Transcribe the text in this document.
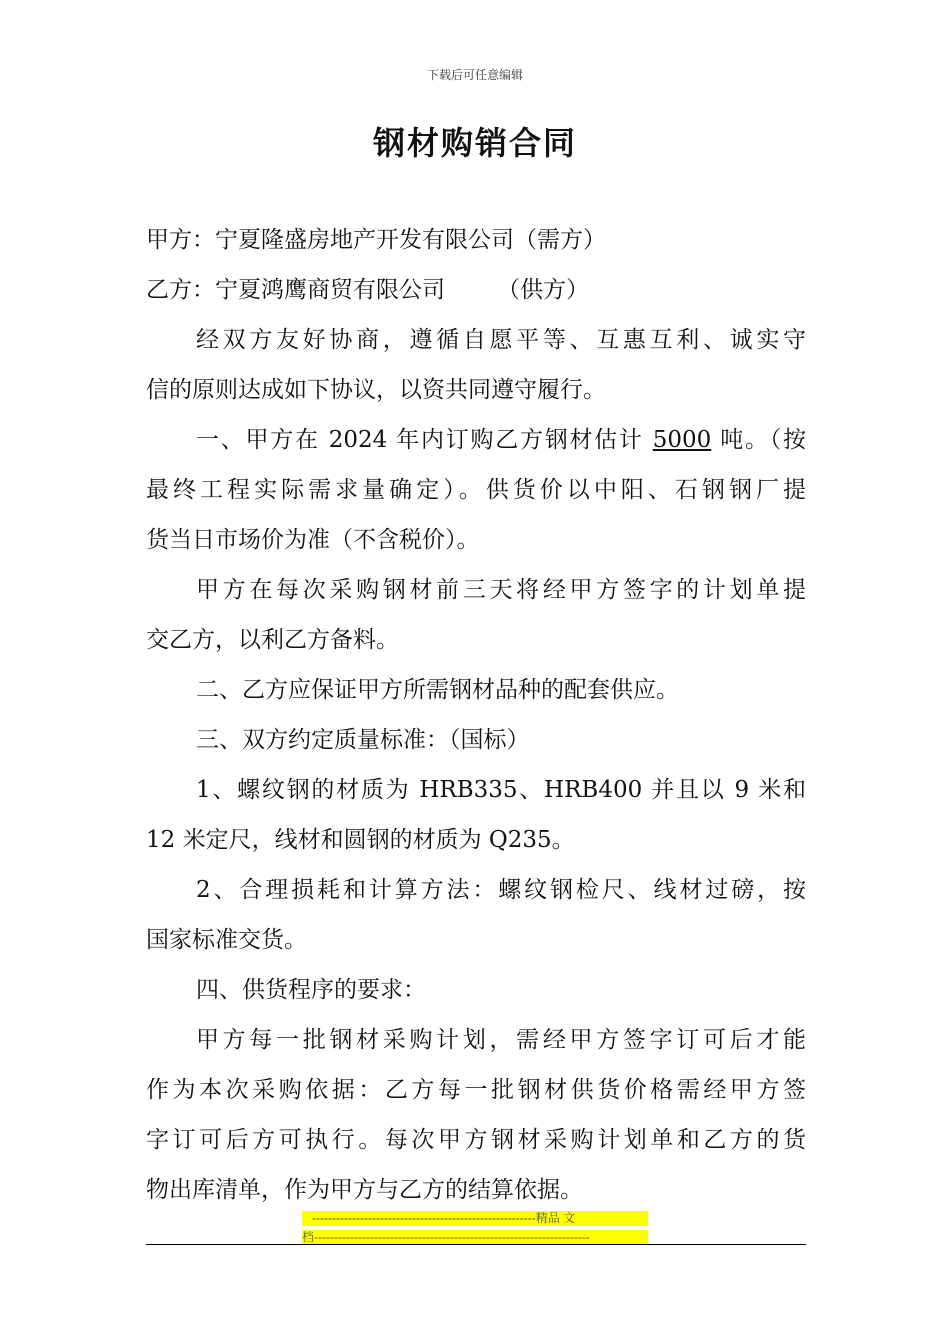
下载后可任意编辑
钢材购销合同
甲方：宁夏隆盛房地产开发有限公司（需方）
乙方：宁夏鸿鹰商贸有限公司 （供方）
经双方友好协商，遵循自愿平等、互惠互利、诚实守
信的原则达成如下协议，以资共同遵守履行。
一、甲方在 2024 年内订购乙方钢材估计 5000 吨。（按
最终工程实际需求量确定）。供货价以中阳、石钢钢厂提
货当日市场价为准（不含税价）。
甲方在每次采购钢材前三天将经甲方签字的计划单提
交乙方，以利乙方备料。
二、乙方应保证甲方所需钢材品种的配套供应。
三、双方约定质量标准：（国标）
1、螺纹钢的材质为 HRB335、HRB400 并且以 9 米和
12 米定尺，线材和圆钢的材质为 Q235。
2、合理损耗和计算方法：螺纹钢检尺、线材过磅，按
国家标准交货。
四、供货程序的要求：
甲方每一批钢材采购计划，需经甲方签字订可后才能
作为本次采购依据：乙方每一批钢材供货价格需经甲方签
字订可后方可执行。每次甲方钢材采购计划单和乙方的货
物出库清单，作为甲方与乙方的结算依据。
--------------------------------------------------------精品 文
档---------------------------------------------------------------------
